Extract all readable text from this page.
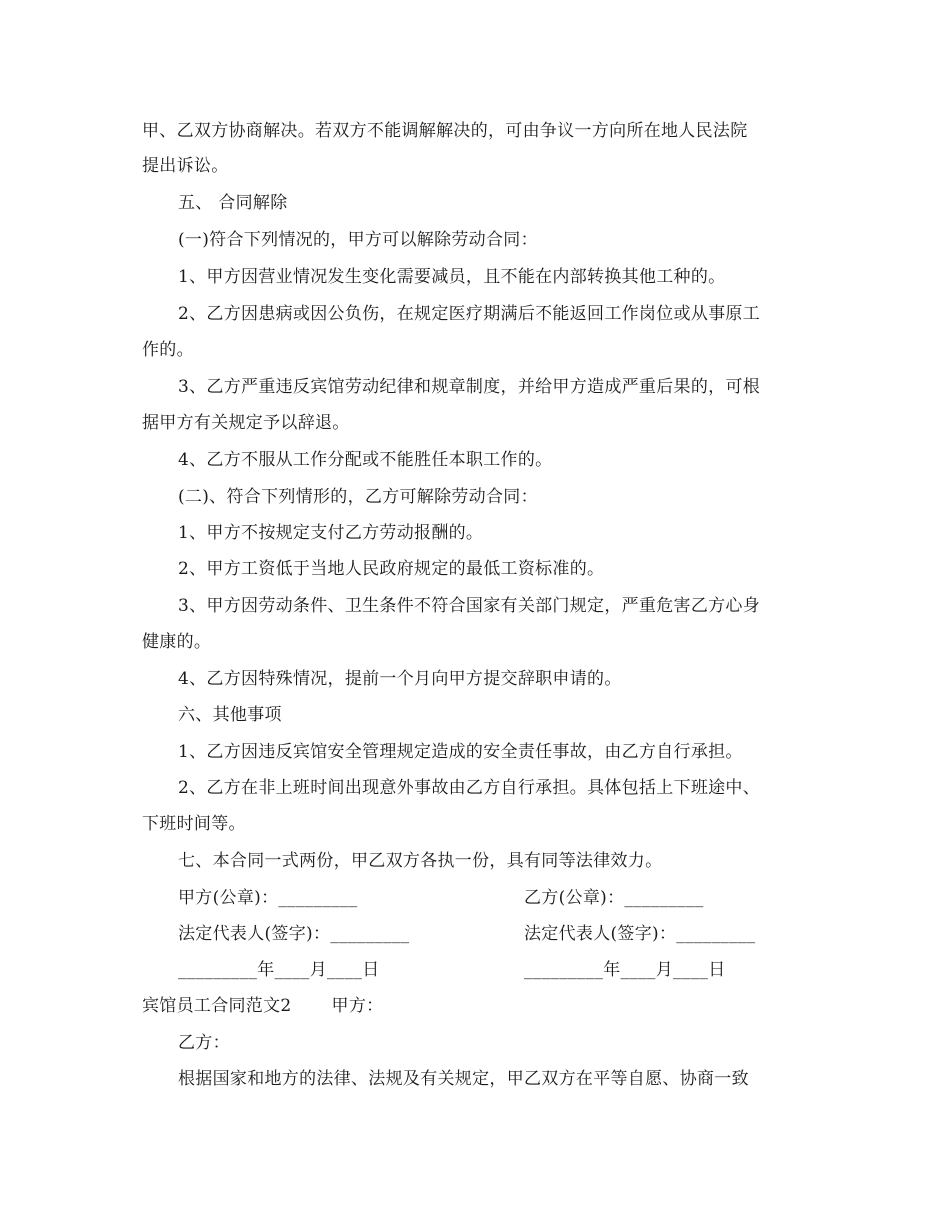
甲、乙双方协商解决。若双方不能调解解决的，可由争议一方向所在地人民法院
提出诉讼。
五、 合同解除
(一)符合下列情况的，甲方可以解除劳动合同：
1、甲方因营业情况发生变化需要减员，且不能在内部转换其他工种的。
2、乙方因患病或因公负伤，在规定医疗期满后不能返回工作岗位或从事原工
作的。
3、乙方严重违反宾馆劳动纪律和规章制度，并给甲方造成严重后果的，可根
据甲方有关规定予以辞退。
4、乙方不服从工作分配或不能胜任本职工作的。
(二)、符合下列情形的，乙方可解除劳动合同：
1、甲方不按规定支付乙方劳动报酬的。
2、甲方工资低于当地人民政府规定的最低工资标准的。
3、甲方因劳动条件、卫生条件不符合国家有关部门规定，严重危害乙方心身
健康的。
4、乙方因特殊情况，提前一个月向甲方提交辞职申请的。
六、其他事项
1、乙方因违反宾馆安全管理规定造成的安全责任事故，由乙方自行承担。
2、乙方在非上班时间出现意外事故由乙方自行承担。具体包括上下班途中、
下班时间等。
七、本合同一式两份，甲乙双方各执一份，具有同等法律效力。
甲方(公章)：_________	乙方(公章)：_________
法定代表人(签字)：_________	法定代表人(签字)：_________
_________年____月____日	_________年____月____日
宾馆员工合同范文2 甲方：
乙方：
根据国家和地方的法律、法规及有关规定，甲乙双方在平等自愿、协商一致
